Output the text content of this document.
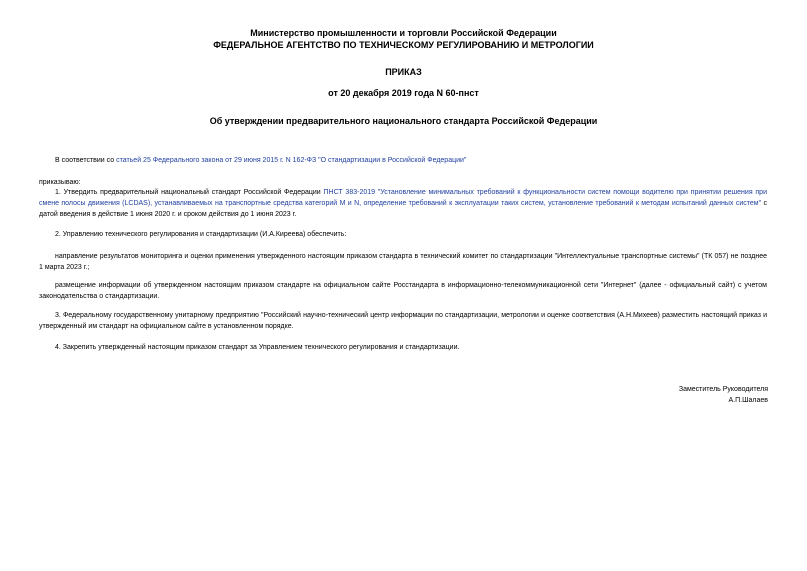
Министерство промышленности и торговли Российской Федерации
ФЕДЕРАЛЬНОЕ АГЕНТСТВО ПО ТЕХНИЧЕСКОМУ РЕГУЛИРОВАНИЮ И МЕТРОЛОГИИ
ПРИКАЗ
от 20 декабря 2019 года N 60-пнст
Об утверждении предварительного национального стандарта Российской Федерации
В соответствии со статьей 25 Федерального закона от 29 июня 2015 г. N 162-ФЗ "О стандартизации в Российской Федерации"
приказываю:
1. Утвердить предварительный национальный стандарт Российской Федерации ПНСТ 383-2019 "Установление минимальных требований к функциональности систем помощи водителю при принятии решения при смене полосы движения (LCDAS), устанавливаемых на транспортные средства категорий M и N, определение требований к эксплуатации таких систем, установление требований к методам испытаний данных систем" с датой введения в действие 1 июня 2020 г. и сроком действия до 1 июня 2023 г.
2. Управлению технического регулирования и стандартизации (И.А.Киреева) обеспечить:
направление результатов мониторинга и оценки применения утвержденного настоящим приказом стандарта в технический комитет по стандартизации "Интеллектуальные транспортные системы" (ТК 057) не позднее 1 марта 2023 г.;
размещение информации об утвержденном настоящим приказом стандарте на официальном сайте Росстандарта в информационно-телекоммуникационной сети "Интернет" (далее - официальный сайт) с учетом законодательства о стандартизации.
3. Федеральному государственному унитарному предприятию "Российский научно-технический центр информации по стандартизации, метрологии и оценке соответствия (А.Н.Михеев) разместить настоящий приказ и утвержденный им стандарт на официальном сайте в установленном порядке.
4. Закрепить утвержденный настоящим приказом стандарт за Управлением технического регулирования и стандартизации.
Заместитель Руководителя
А.П.Шалаев
